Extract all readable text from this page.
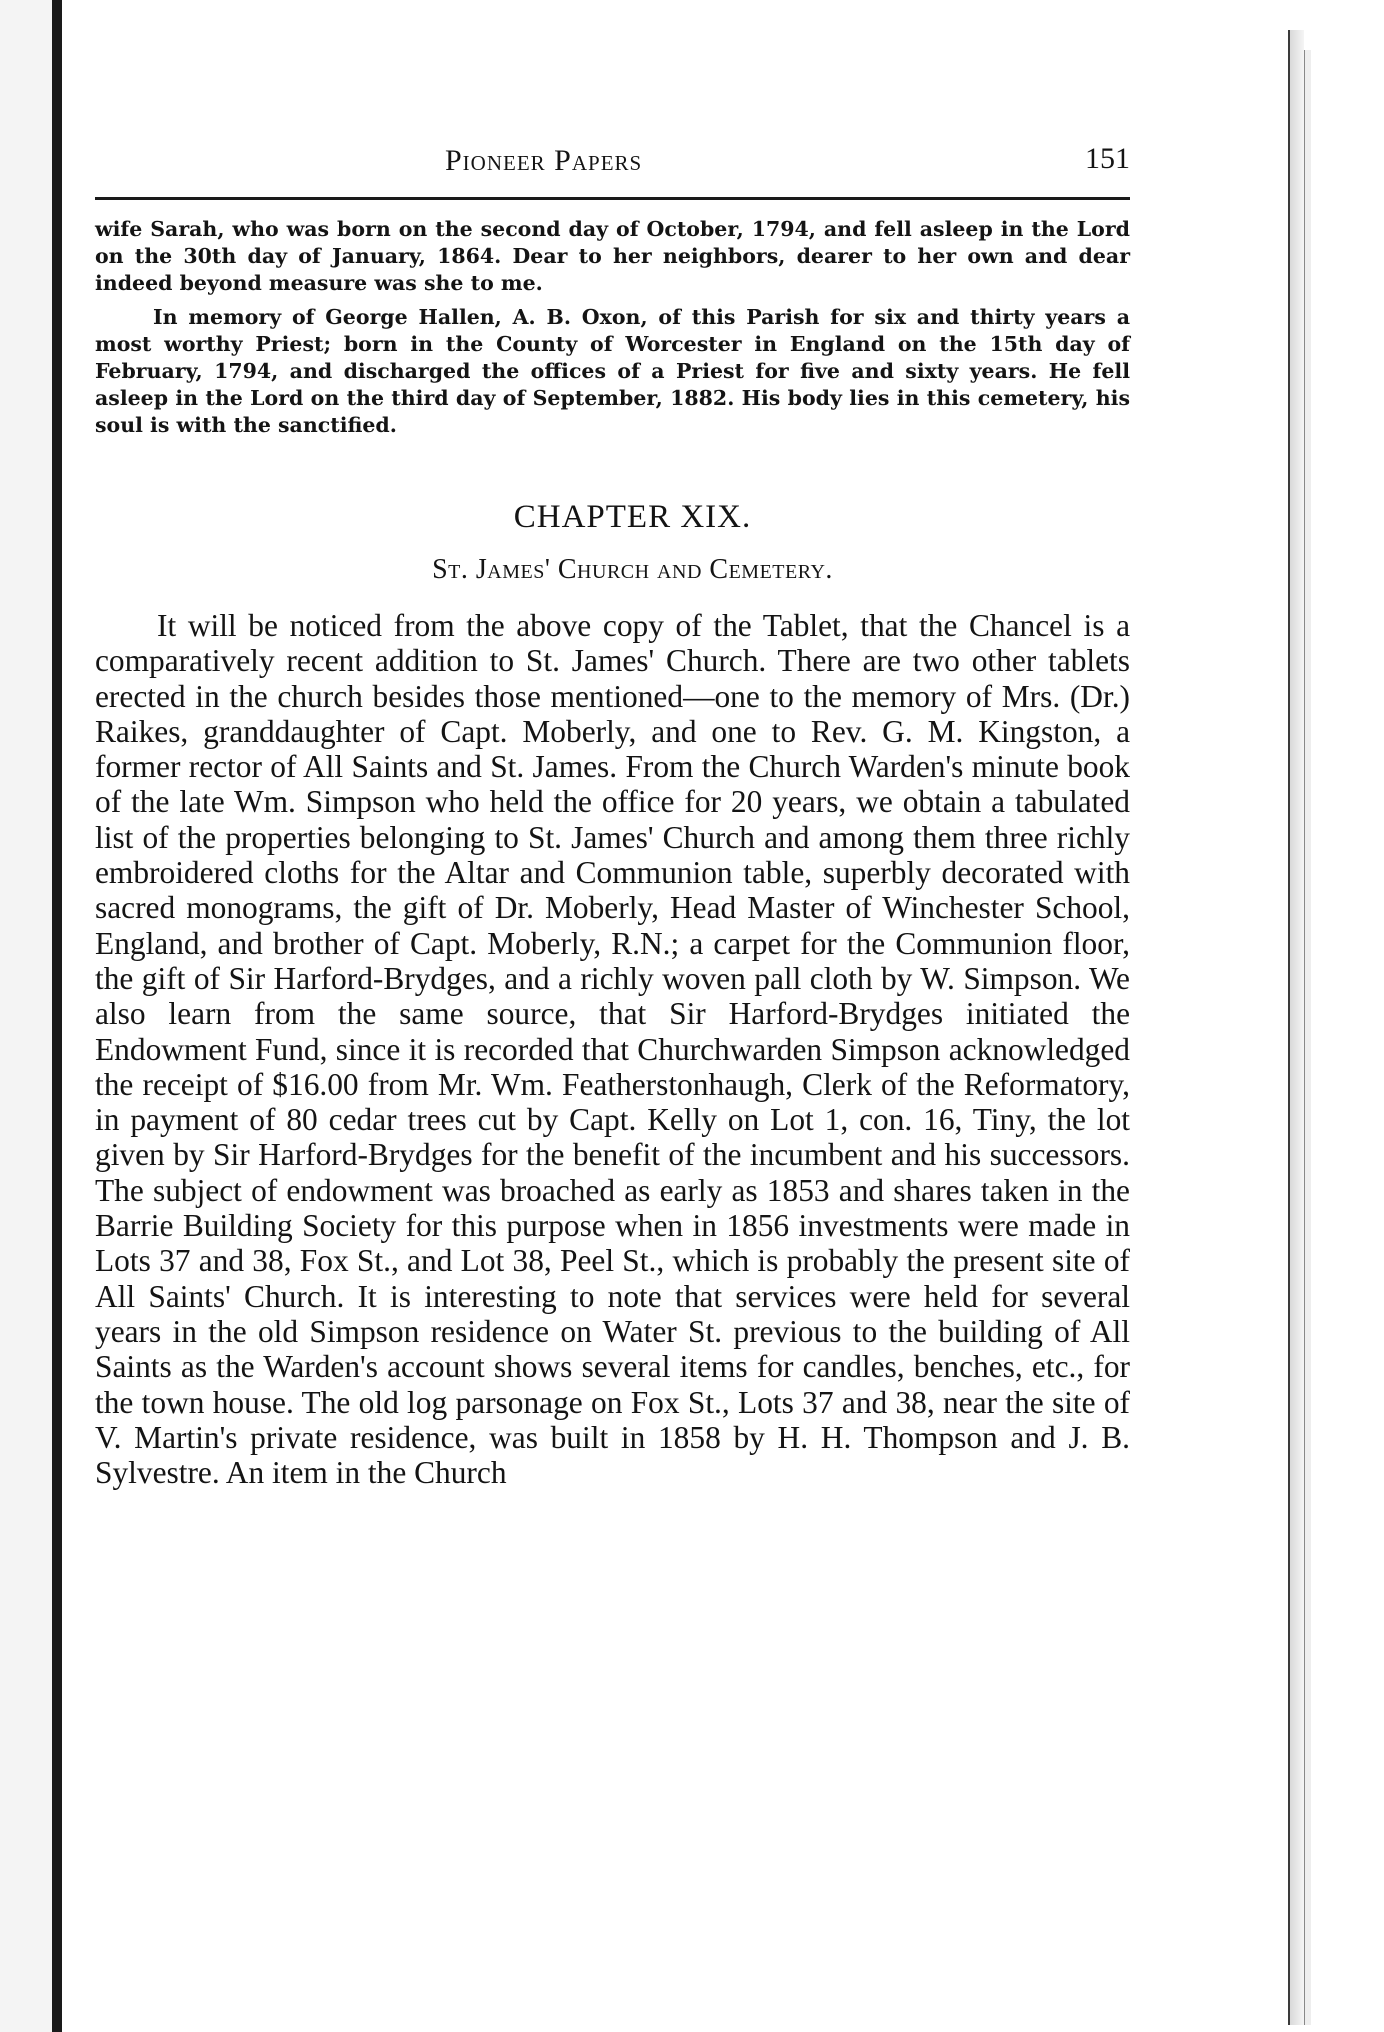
Pioneer Papers	151

wife Sarah, who was born on the second day of October, 1794, and fell asleep in the Lord on the 30th day of January, 1864. Dear to her neighbors, dearer to her own and dear indeed beyond measure was she to me.

In memory of George Hallen, A. B. Oxon, of this Parish for six and thirty years a most worthy Priest; born in the County of Worcester in England on the 15th day of February, 1794, and discharged the offices of a Priest for five and sixty years. He fell asleep in the Lord on the third day of September, 1882. His body lies in this cemetery, his soul is with the sanctified.

CHAPTER XIX.
St. James' Church and Cemetery.

It will be noticed from the above copy of the Tablet, that the Chancel is a comparatively recent addition to St. James' Church. There are two other tablets erected in the church besides those mentioned—one to the memory of Mrs. (Dr.) Raikes, granddaughter of Capt. Moberly, and one to Rev. G. M. Kingston, a former rector of All Saints and St. James. From the Church Warden's minute book of the late Wm. Simpson who held the office for 20 years, we obtain a tabulated list of the properties belonging to St. James' Church and among them three richly embroidered cloths for the Altar and Communion table, superbly decorated with sacred monograms, the gift of Dr. Moberly, Head Master of Winchester School, England, and brother of Capt. Moberly, R.N.; a carpet for the Communion floor, the gift of Sir Harford-Brydges, and a richly woven pall cloth by W. Simpson. We also learn from the same source, that Sir Harford-Brydges initiated the Endowment Fund, since it is recorded that Churchwarden Simpson acknowledged the receipt of $16.00 from Mr. Wm. Featherstonhaugh, Clerk of the Reformatory, in payment of 80 cedar trees cut by Capt. Kelly on Lot 1, con. 16, Tiny, the lot given by Sir Harford-Brydges for the benefit of the incumbent and his successors. The subject of endowment was broached as early as 1853 and shares taken in the Barrie Building Society for this purpose when in 1856 investments were made in Lots 37 and 38, Fox St., and Lot 38, Peel St., which is probably the present site of All Saints' Church. It is interesting to note that services were held for several years in the old Simpson residence on Water St. previous to the building of All Saints as the Warden's account shows several items for candles, benches, etc., for the town house. The old log parsonage on Fox St., Lots 37 and 38, near the site of V. Martin's private residence, was built in 1858 by H. H. Thompson and J. B. Sylvestre. An item in the Church
